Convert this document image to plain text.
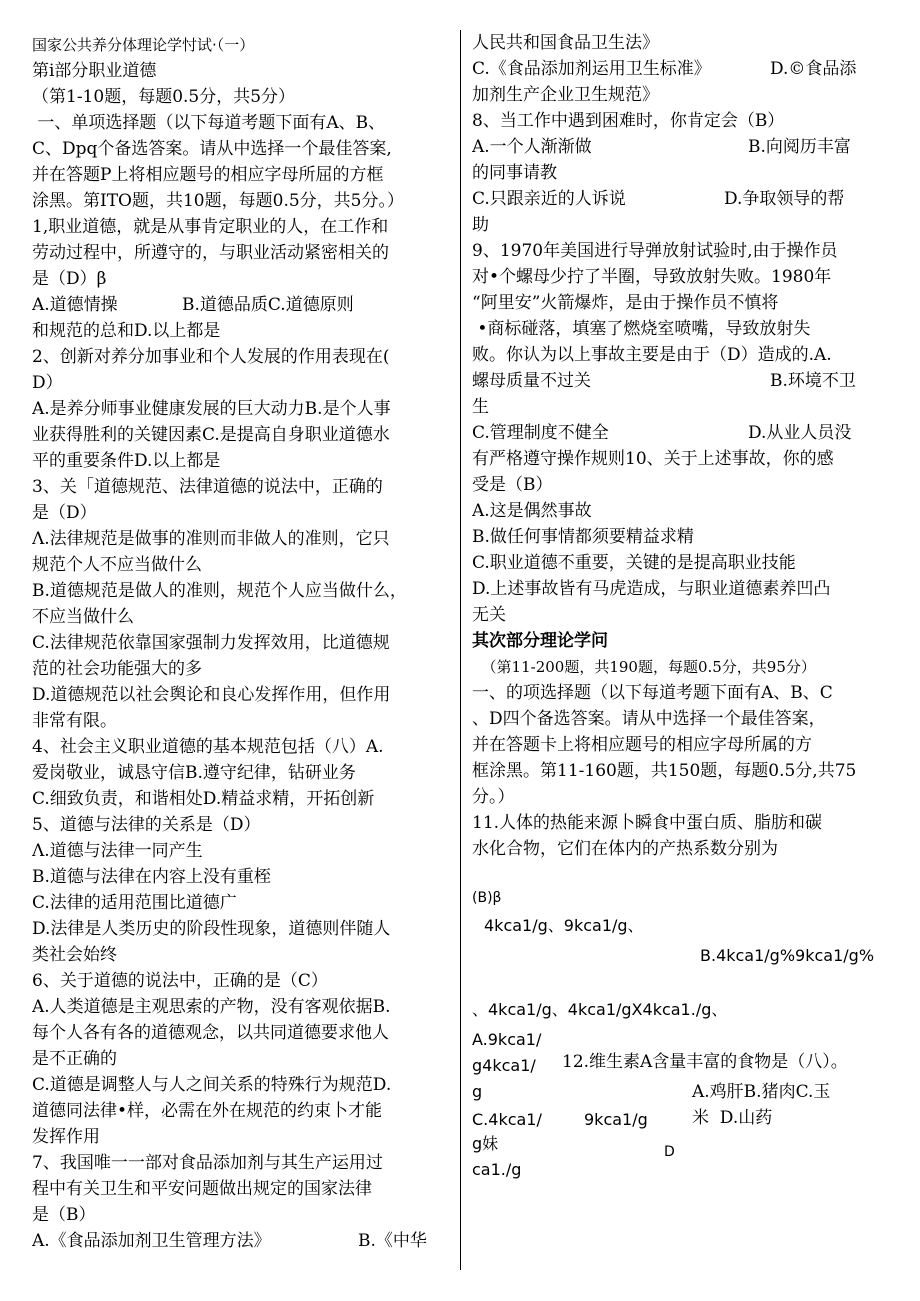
国家公共养分体理论学忖试·（一）
第i部分职业道德
（第1-10题，每题0.5分，共5分）
一、单项选择题（以下每道考题下面有A、B、
C、Dpq个备选答案。请从中选择一个最佳答案,
并在答题P上将相应题号的相应字母所屈的方框
涂黑。第ITO题，共10题，每题0.5分，共5分。）
1,职业道德，就是从事肯定职业的人，在工作和
劳动过程中，所遵守的，与职业活动紧密相关的
是（D）β
A.道德情操	B.道德品质C.道德原则
和规范的总和D.以上都是
2、创新对养分加事业和个人发展的作用表现在(
D）
A.是养分师事业健康发展的巨大动力B.是个人事
业获得胜利的关键因素C.是提高自身职业道德水
平的重要条件D.以上都是
3、关「道德规范、法律道德的说法中，正确的
是（D）
Λ.法律规范是做事的准则而非做人的准则，它只
规范个人不应当做什么
B.道德规范是做人的准则，规范个人应当做什么，
不应当做什么
C.法律规范依靠国家强制力发挥效用，比道德规
范的社会功能强大的多
D.道德规范以社会舆论和良心发挥作用，但作用
非常有限。
4、社会主义职业道德的基本规范包括（八）A.
爱岗敬业，诚恳守信B.遵守纪律，钻研业务
C.细致负责，和谐相处D.精益求精，开拓创新
5、道德与法律的关系是（D）
Λ.道德与法律一同产生
B.道德与法律在内容上没有重桎
C.法律的适用范围比道德广
D.法律是人类历史的阶段性现象，道德则伴随人
类社会始终
6、关于道德的说法中，正确的是（C）
A.人类道德是主观思索的产物，没有客观依据B.
每个人各有各的道德观念，以共同道德要求他人
是不正确的
C.道德是调整人与人之间关系的特殊行为规范D.
道德同法律•样，必需在外在规范的约束卜才能
发挥作用
7、我国唯一一部对食品添加剂与其生产运用过
程中有关卫生和平安问题做出规定的国家法律
是（B）
A.《食品添加剂卫生管理方法》	B.《中华
人民共和国食品卫生法》
C.《食品添加剂运用卫生标准》	D.©食品添
加剂生产企业卫生规范》
8、当工作中遇到困难时，你肯定会（B）
A.一个人渐渐做	B.向阅历丰富
的同事请教
C.只跟亲近的人诉说	D.争取领导的帮
助
9、1970年美国进行导弹放射试验时,由于操作员
对•个螺母少拧了半圈，导致放射失败。1980年
“阿里安”火箭爆炸，是由于操作员不慎将
•商标碰落，填塞了燃烧室喷嘴，导致放射失
败。你认为以上事故主要是由于（D）造成的.A.
螺母质量不过关	B.环境不卫
生
C.管理制度不健全	D.从业人员没
有严格遵守操作规则10、关于上述事故，你的感
受是（B）
A.这是偶然事故
B.做任何事情都须要精益求精
C.职业道德不重要，关键的是提高职业技能
D.上述事故皆有马虎造成，与职业道德素养凹凸
无关
其次部分理论学问
（第11-200题，共190题，每题0.5分，共95分）
一、的项选择题（以下每道考题下面有A、B、C
、D四个备选答案。请从中选择一个最佳答案，
并在答题卡上将相应题号的相应字母所属的方
框涂黑。第11-160题，共150题，每题0.5分,共75
分。）
11.人体的热能来源卜瞬食中蛋白质、脂肪和碳
水化合物，它们在体内的产热系数分别为
(B)β
4kca1/g、9kca1/g、
B.4kca1/g%9kca1/g%
、4kca1/g、4kca1/gX4kca1./g、
A.9kca1/
g4kca1/
g
C.4kca1/
g妹
ca1./g
9kca1/g
D
12.维生素A含量丰富的食物是（八）。
A.鸡肝B.猪肉C.玉
米  D.山药
